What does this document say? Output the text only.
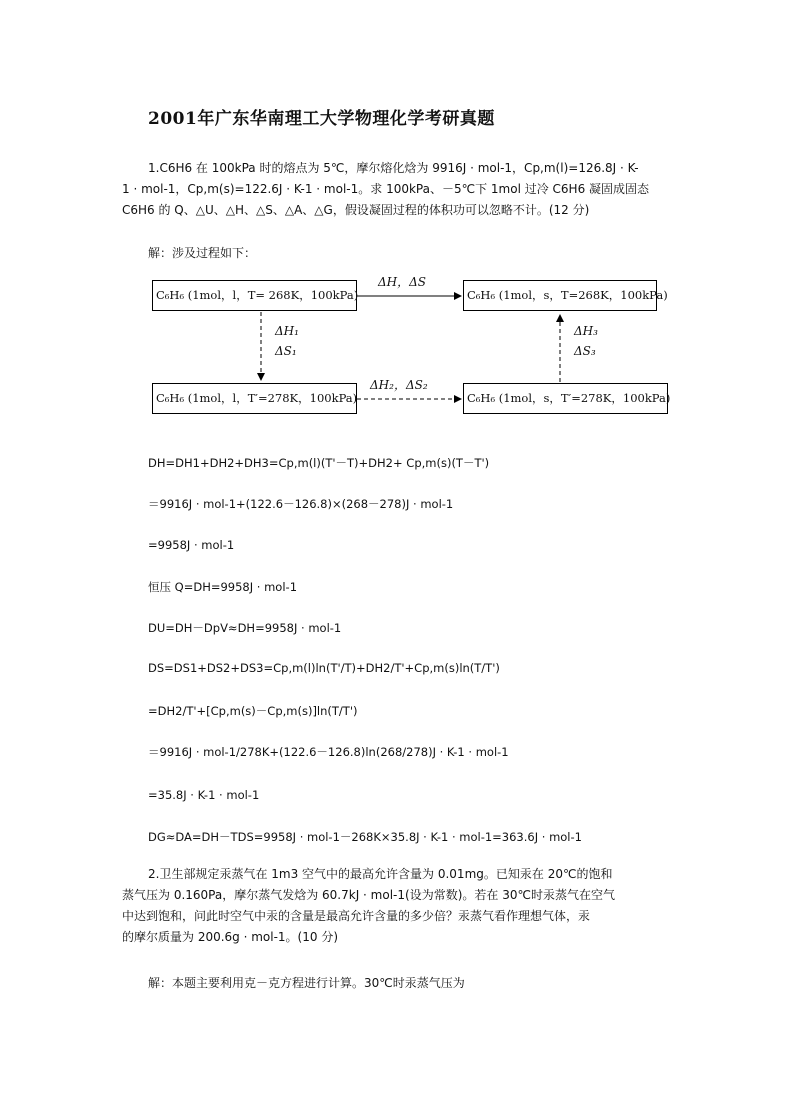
2001年广东华南理工大学物理化学考研真题
1.C6H6 在 100kPa 时的熔点为 5℃，摩尔熔化焓为 9916J · mol-1，Cp,m(l)=126.8J · K-
1 · mol-1，Cp,m(s)=122.6J · K-1 · mol-1。求 100kPa、－5℃下 1mol 过冷 C6H6 凝固成固态
C6H6 的 Q、△U、△H、△S、△A、△G，假设凝固过程的体积功可以忽略不计。(12 分)
解：涉及过程如下：
C₆H₆ (1mol，l，T= 268K，100kPa)	C₆H₆ (1mol，s，T=268K，100kPa)
C₆H₆ (1mol，l，T′=278K，100kPa)	C₆H₆ (1mol，s，T′=278K，100kPa)
ΔH，ΔS
ΔH₁
ΔS₁
ΔH₂，ΔS₂
ΔH₃
ΔS₃
DH=DH1+DH2+DH3=Cp,m(l)(T'－T)+DH2+ Cp,m(s)(T－T')
＝9916J · mol-1+(122.6－126.8)×(268－278)J · mol-1
=9958J · mol-1
恒压 Q=DH=9958J · mol-1
DU=DH－DpV≈DH=9958J · mol-1
DS=DS1+DS2+DS3=Cp,m(l)ln(T'/T)+DH2/T'+Cp,m(s)ln(T/T')
=DH2/T'+[Cp,m(s)－Cp,m(s)]ln(T/T')
＝9916J · mol-1/278K+(122.6－126.8)ln(268/278)J · K-1 · mol-1
=35.8J · K-1 · mol-1
DG≈DA=DH－TDS=9958J · mol-1－268K×35.8J · K-1 · mol-1=363.6J · mol-1
2.卫生部规定汞蒸气在 1m3 空气中的最高允许含量为 0.01mg。已知汞在 20℃的饱和
蒸气压为 0.160Pa，摩尔蒸气发焓为 60.7kJ · mol-1(设为常数)。若在 30℃时汞蒸气在空气
中达到饱和，问此时空气中汞的含量是最高允许含量的多少倍？汞蒸气看作理想气体，汞
的摩尔质量为 200.6g · mol-1。(10 分)
解：本题主要利用克－克方程进行计算。30℃时汞蒸气压为
